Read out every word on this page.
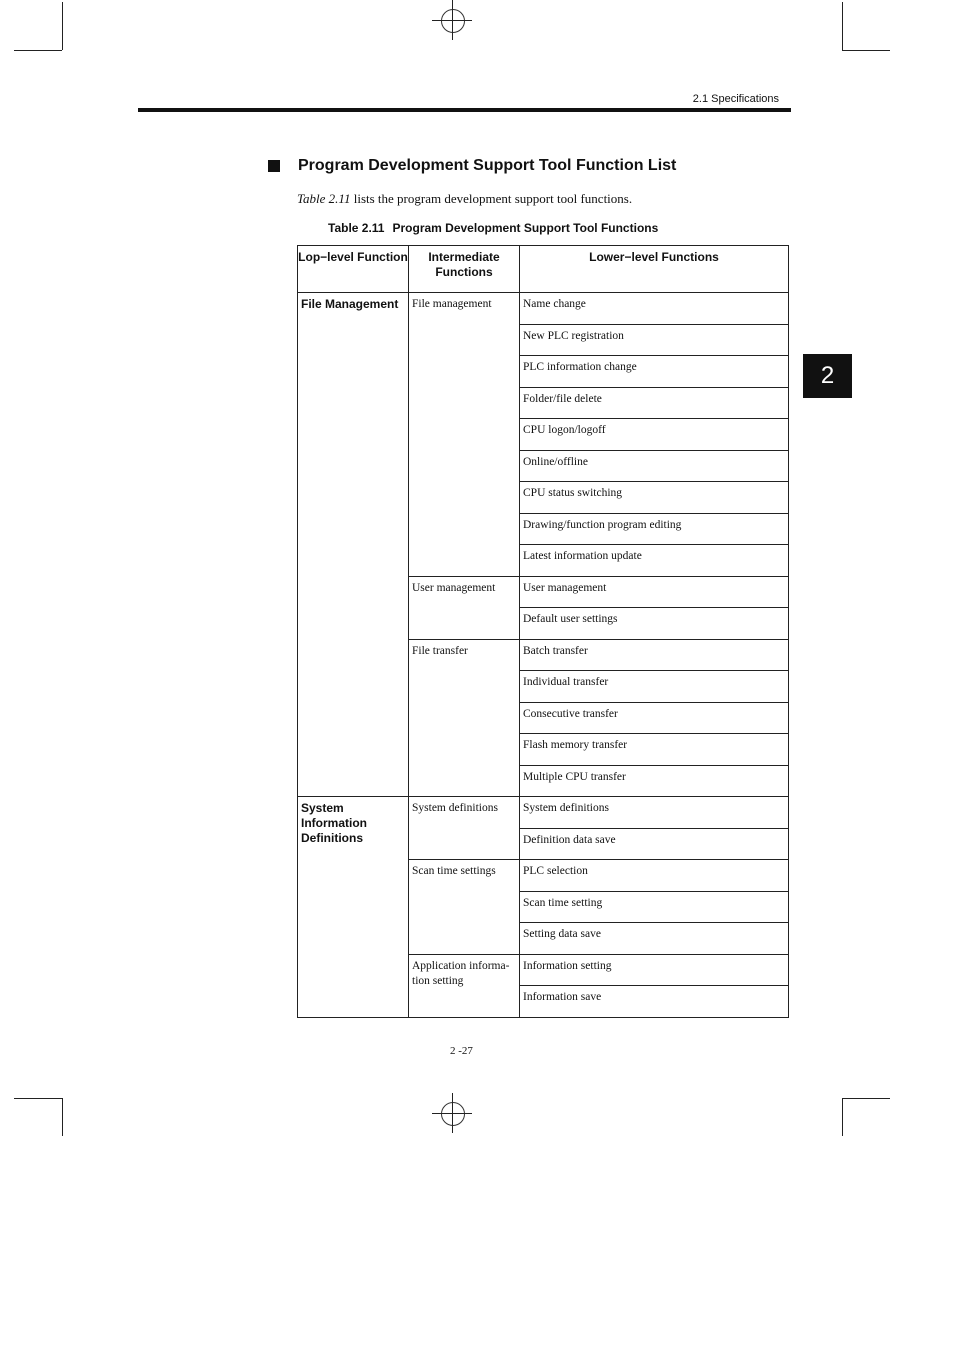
2.1 Specifications
2
Program Development Support Tool Function List
Table 2.11 lists the program development support tool functions.
Table 2.11 Program Development Support Tool Functions
Lop−level Function	Intermediate Functions	Lower−level Functions
File Management	File management	Name change
		New PLC registration
		PLC information change
		Folder/file delete
		CPU logon/logoff
		Online/offline
		CPU status switching
		Drawing/function program editing
		Latest information update
	User management	User management
		Default user settings
	File transfer	Batch transfer
		Individual transfer
		Consecutive transfer
		Flash memory transfer
		Multiple CPU transfer
System Information Definitions	System definitions	System definitions
		Definition data save
	Scan time settings	PLC selection
		Scan time setting
		Setting data save
	Application informa- tion setting	Information setting
		Information save
2 -27
